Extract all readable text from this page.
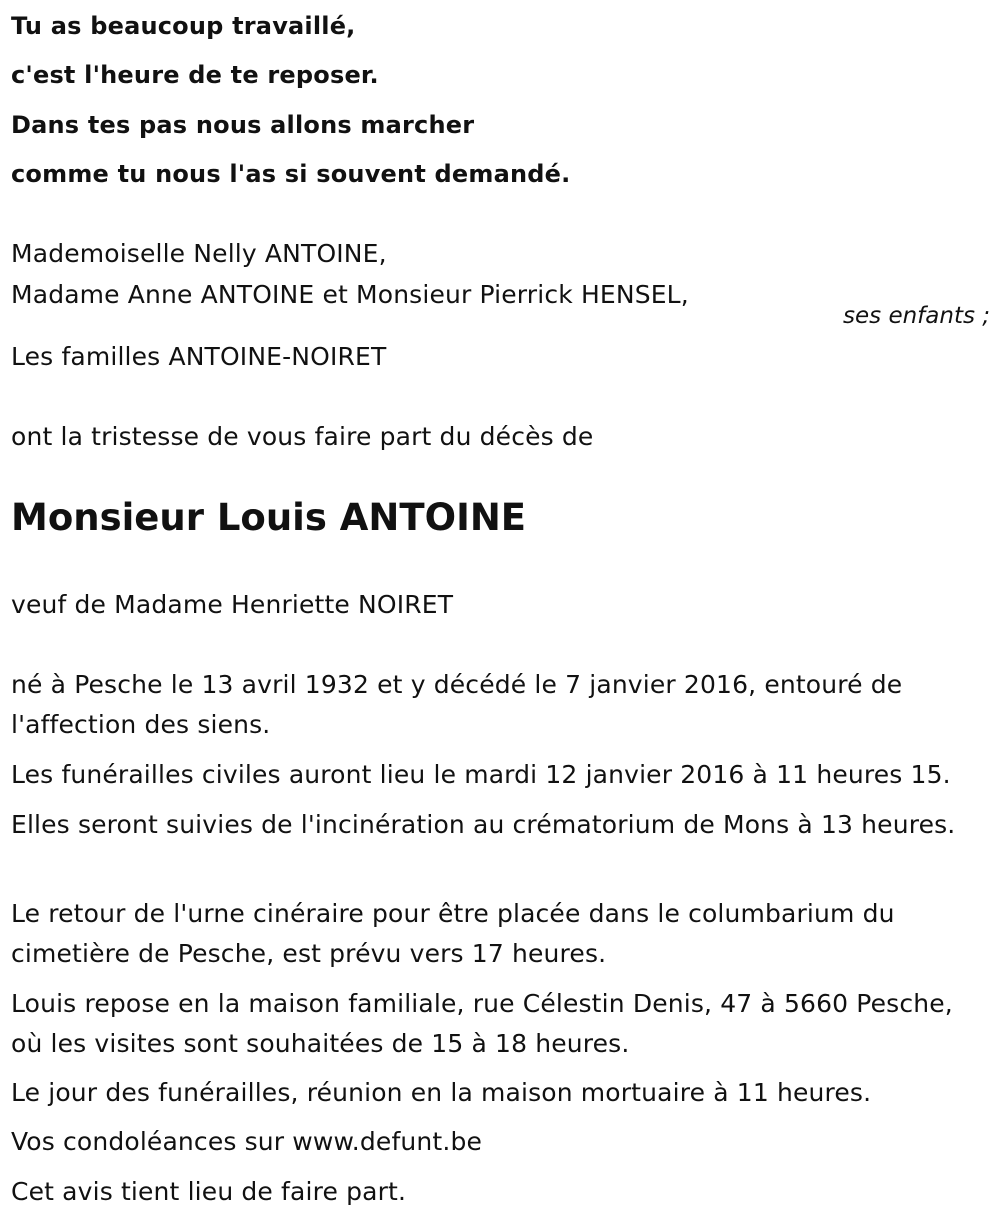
Tu as beaucoup travaillé,
c'est l'heure de te reposer.
Dans tes pas nous allons marcher
comme tu nous l'as si souvent demandé.
Mademoiselle Nelly ANTOINE,
Madame Anne ANTOINE et Monsieur Pierrick HENSEL,
ses enfants ;
Les familles ANTOINE-NOIRET
ont la tristesse de vous faire part du décès de
Monsieur Louis ANTOINE
veuf de Madame Henriette NOIRET
né à Pesche le 13 avril 1932 et y décédé le 7 janvier 2016, entouré de l'affection des siens.
Les funérailles civiles auront lieu le mardi 12 janvier 2016 à 11 heures 15.
Elles seront suivies de l'incinération au crématorium de Mons à 13 heures.
Le retour de l'urne cinéraire pour être placée dans le columbarium du cimetière de Pesche, est prévu vers 17 heures.
Louis repose en la maison familiale, rue Célestin Denis, 47 à 5660 Pesche, où les visites sont souhaitées de 15 à 18 heures.
Le jour des funérailles, réunion en la maison mortuaire à 11 heures.
Vos condoléances sur www.defunt.be
Cet avis tient lieu de faire part.
